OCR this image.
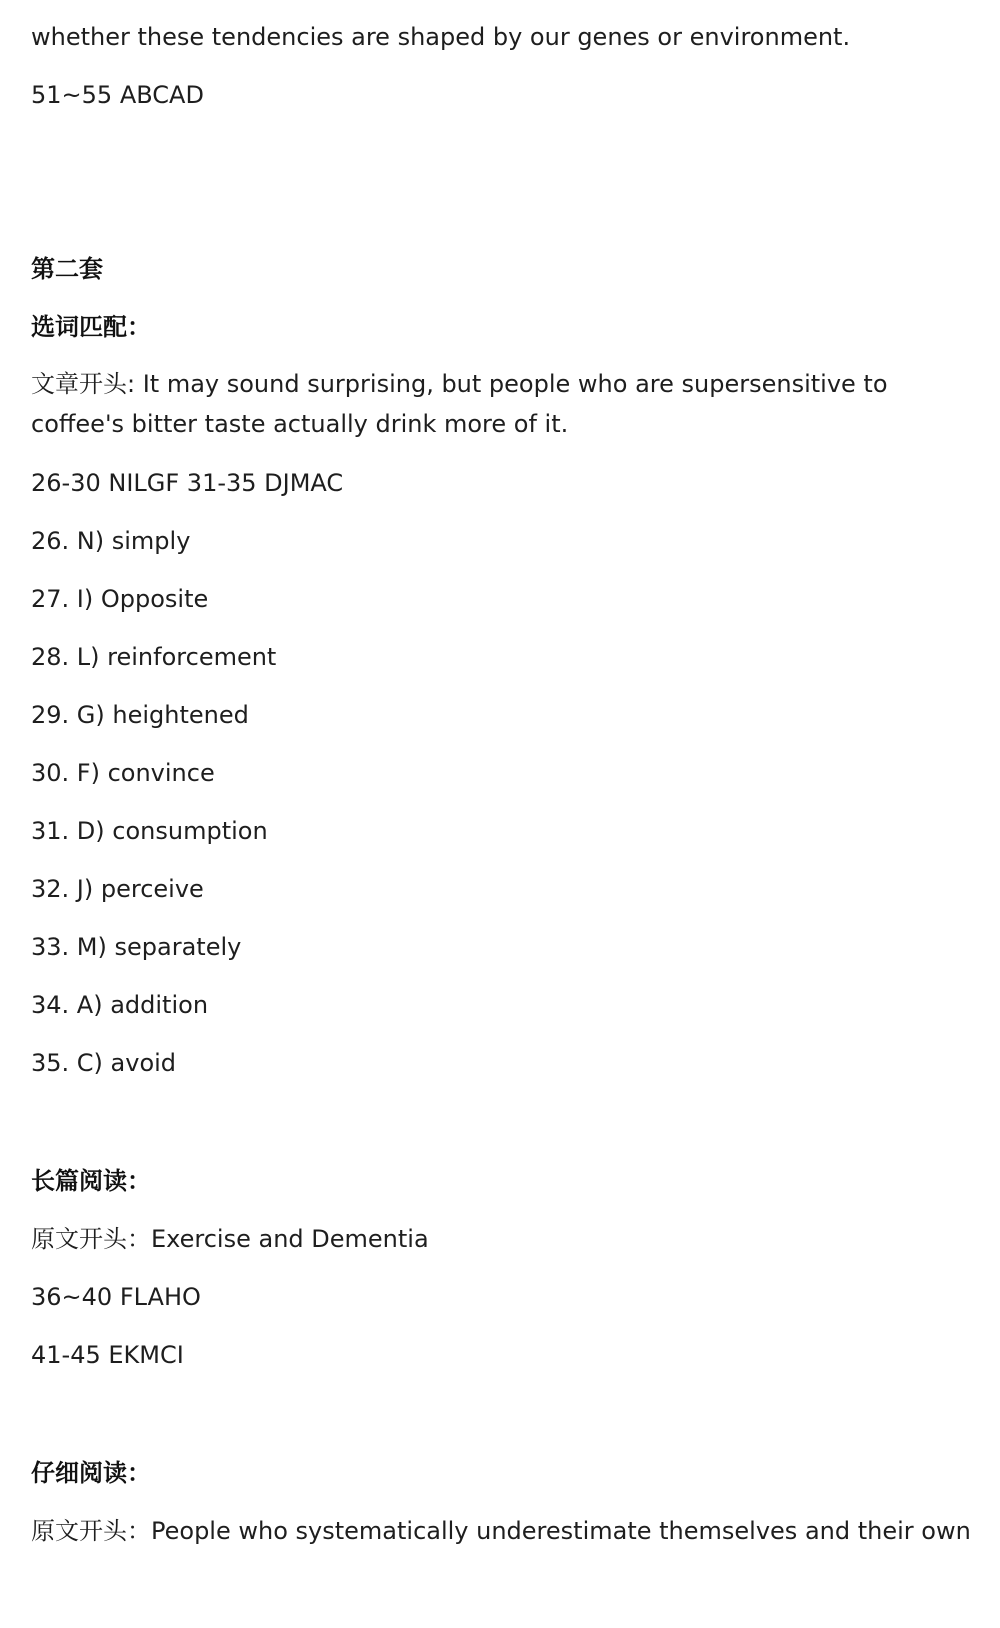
whether these tendencies are shaped by our genes or environment.
51~55 ABCAD
第二套
选词匹配：
文章开头: It may sound surprising, but people who are supersensitive to coffee's bitter taste actually drink more of it.
26-30 NILGF 31-35 DJMAC
26. N) simply
27. I) Opposite
28. L) reinforcement
29. G) heightened
30. F) convince
31. D) consumption
32. J) perceive
33. M) separately
34. A) addition
35. C) avoid
长篇阅读：
原文开头：Exercise and Dementia
36~40 FLAHO
41-45 EKMCI
仔细阅读：
原文开头：People who systematically underestimate themselves and their own
